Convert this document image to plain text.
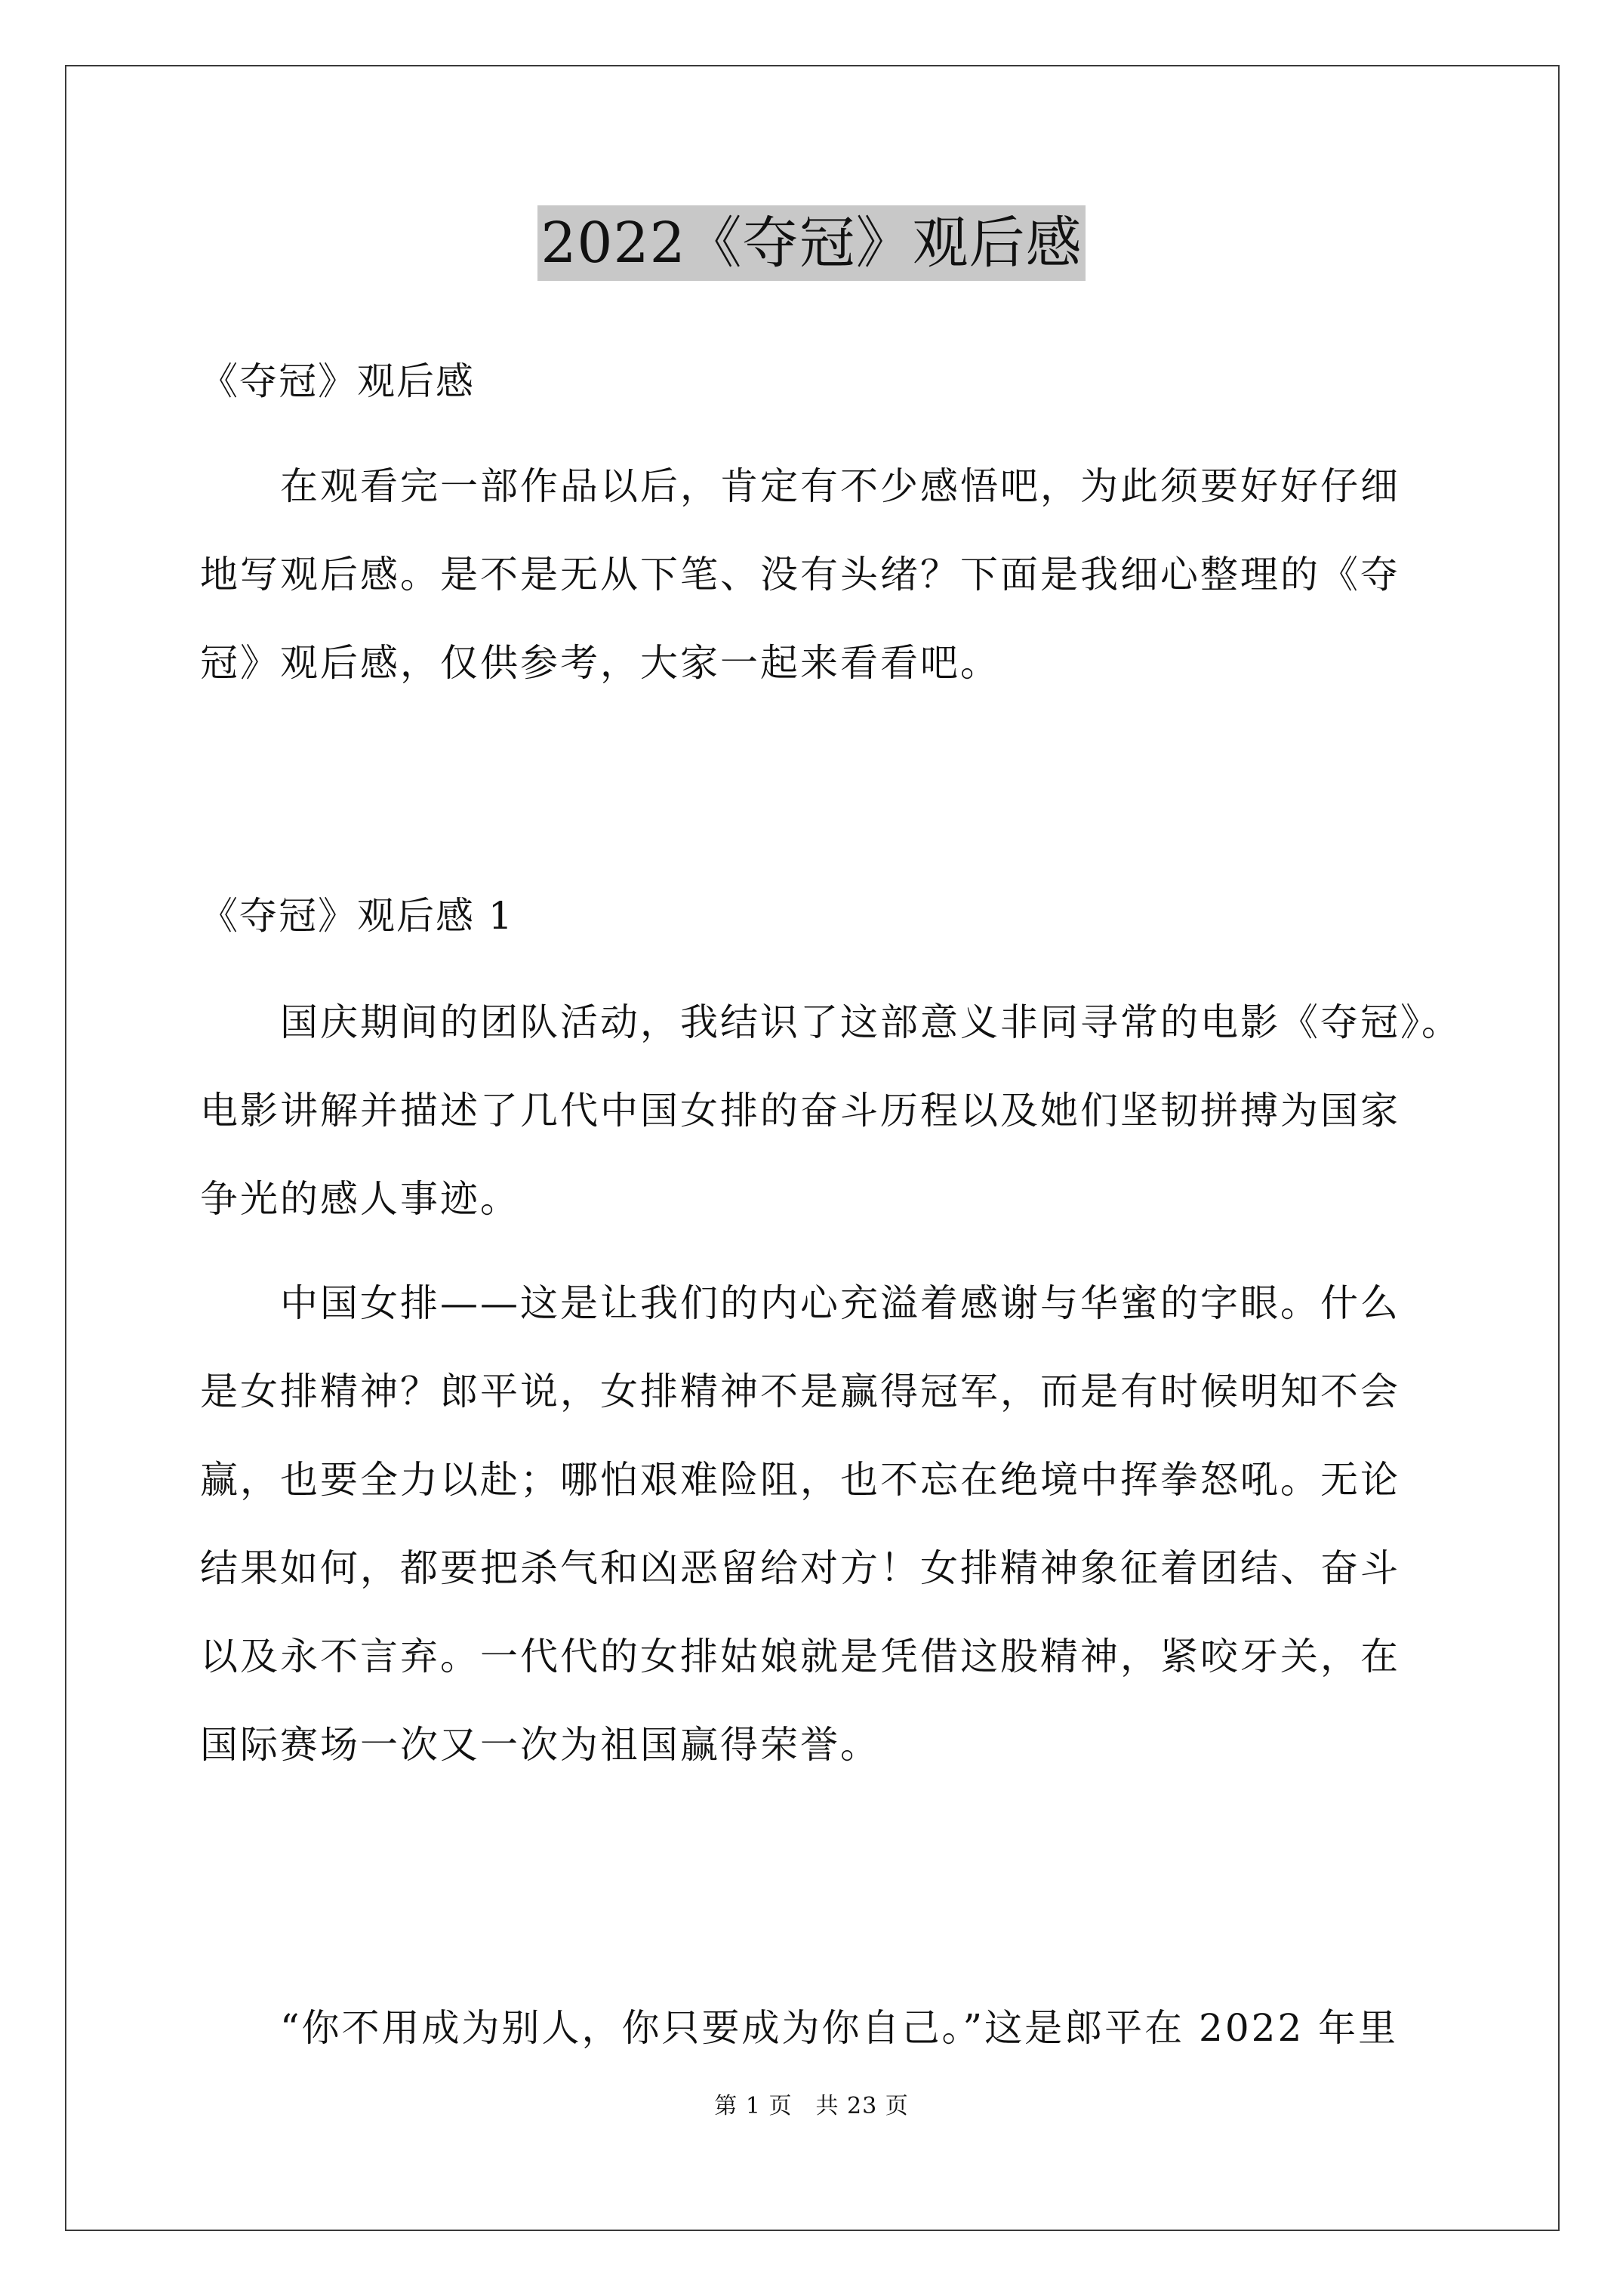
2022《夺冠》观后感
《夺冠》观后感
　　在观看完一部作品以后，肯定有不少感悟吧，为此须要好好仔细
地写观后感。是不是无从下笔、没有头绪？下面是我细心整理的《夺
冠》观后感，仅供参考，大家一起来看看吧。
《夺冠》观后感 1
　　国庆期间的团队活动，我结识了这部意义非同寻常的电影《夺冠》。
电影讲解并描述了几代中国女排的奋斗历程以及她们坚韧拼搏为国家
争光的感人事迹。
　　中国女排——这是让我们的内心充溢着感谢与华蜜的字眼。什么
是女排精神？郎平说，女排精神不是赢得冠军，而是有时候明知不会
赢，也要全力以赴；哪怕艰难险阻，也不忘在绝境中挥拳怒吼。无论
结果如何，都要把杀气和凶恶留给对方！女排精神象征着团结、奋斗
以及永不言弃。一代代的女排姑娘就是凭借这股精神，紧咬牙关，在
国际赛场一次又一次为祖国赢得荣誉。
　　“你不用成为别人，你只要成为你自己。”这是郎平在 2022 年里
第 1 页　共 23 页
